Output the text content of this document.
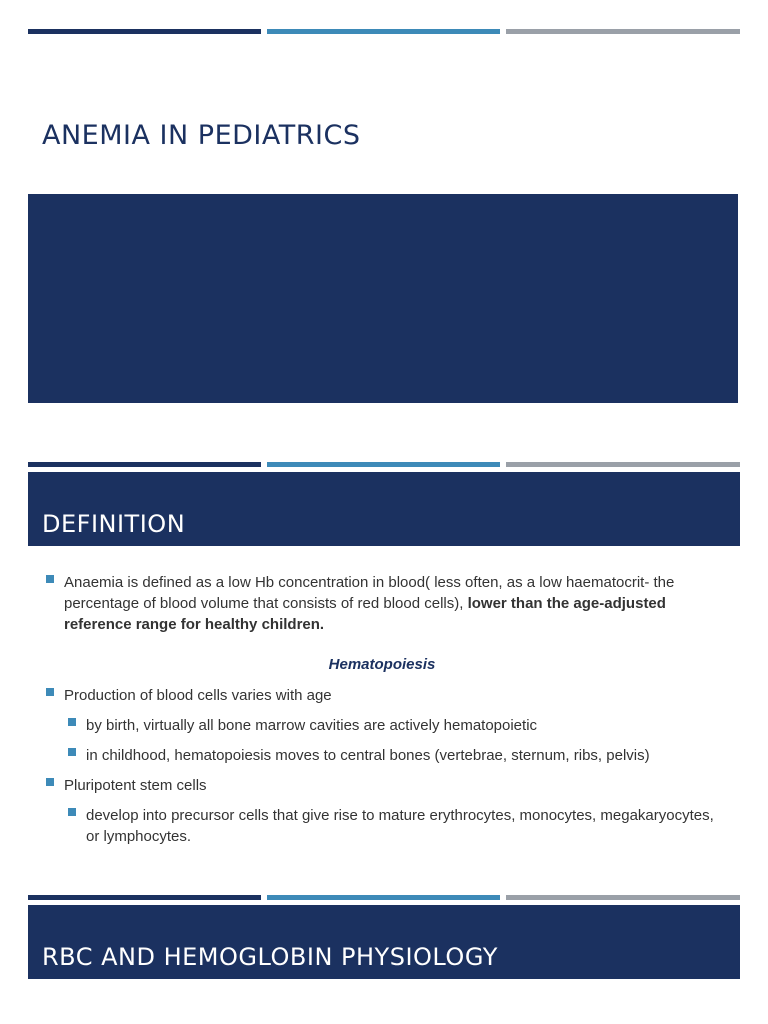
ANEMIA IN PEDIATRICS
DEFINITION
Anaemia is defined as a low Hb concentration in blood( less often, as a low haematocrit- the percentage of blood volume that consists of red blood cells), lower than the age-adjusted reference range for healthy children.
Hematopoiesis
Production of blood cells varies with age
by birth, virtually all bone marrow cavities are actively hematopoietic
in childhood, hematopoiesis moves to central bones (vertebrae, sternum, ribs, pelvis)
Pluripotent stem cells
develop into precursor cells that give rise to mature erythrocytes, monocytes, megakaryocytes, or lymphocytes.
RBC AND HEMOGLOBIN PHYSIOLOGY
